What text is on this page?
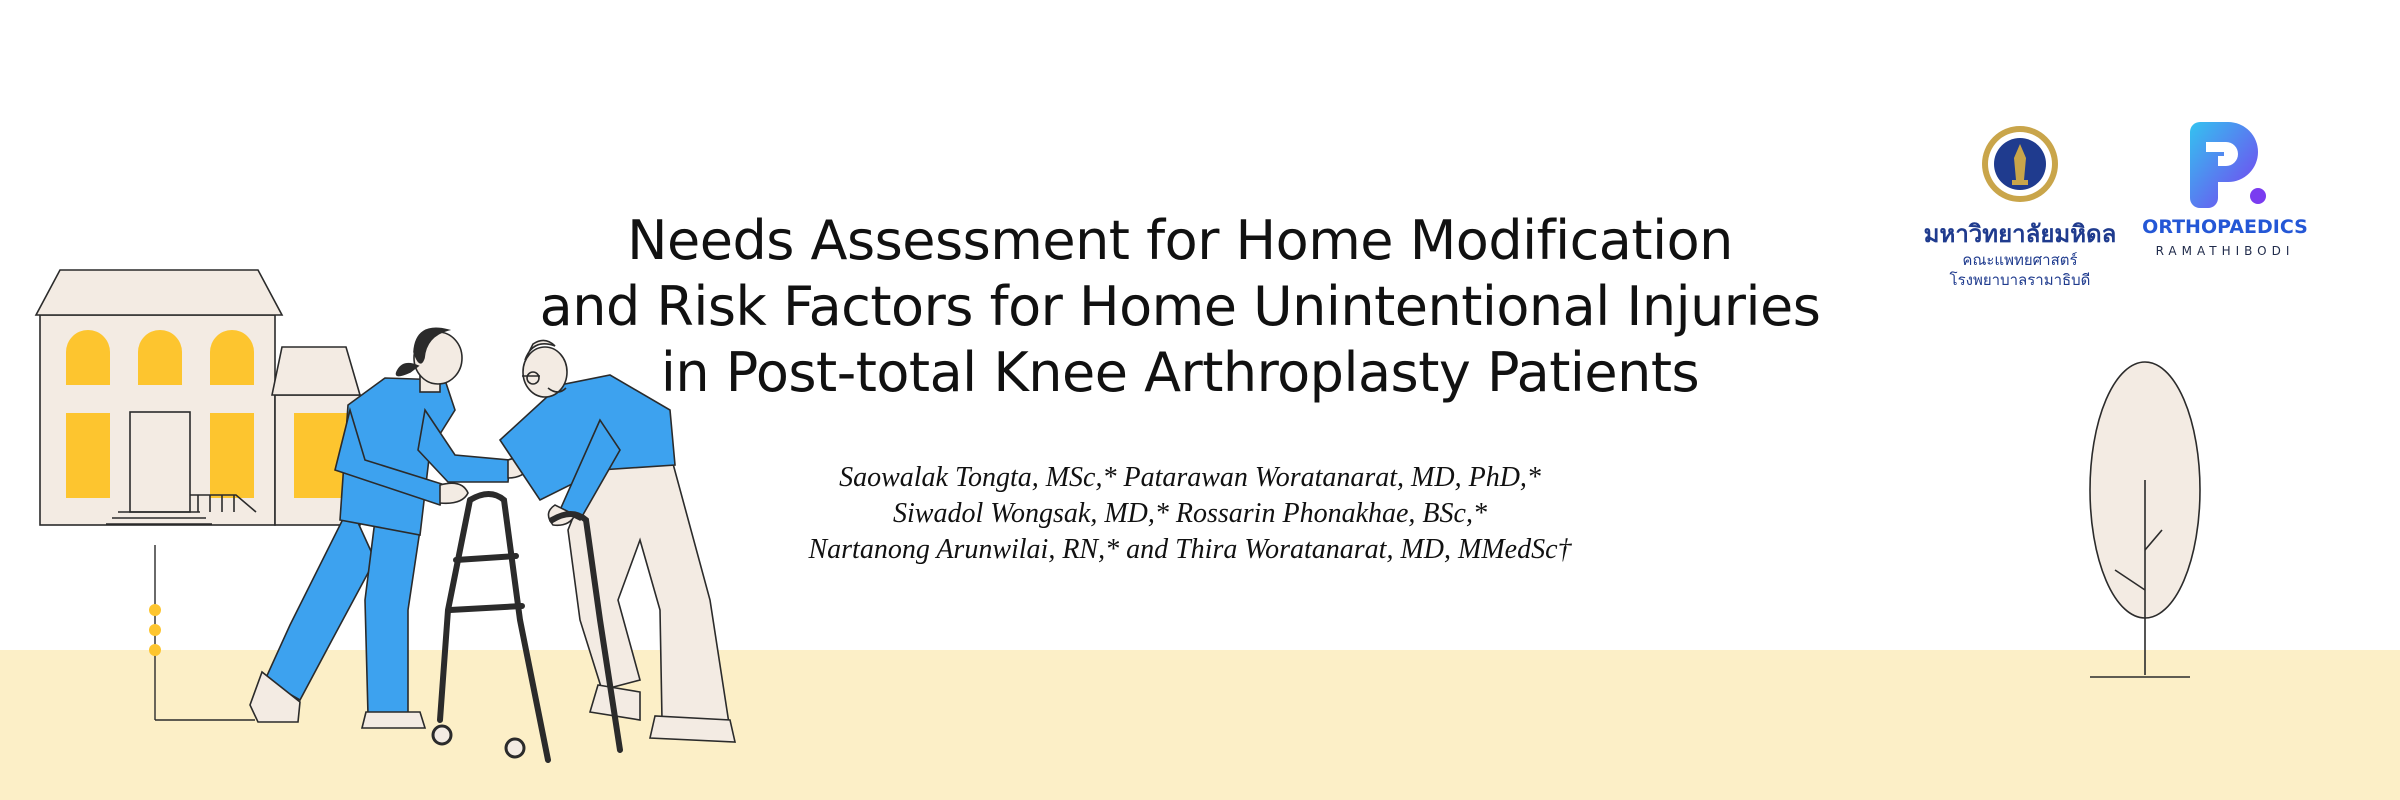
Needs Assessment for Home Modification
and Risk Factors for Home Unintentional Injuries
in Post-total Knee Arthroplasty Patients
Saowalak Tongta, MSc,* Patarawan Woratanarat, MD, PhD,*
Siwadol Wongsak, MD,* Rossarin Phonakhae, BSc,*
Nartanong Arunwilai, RN,* and Thira Woratanarat, MD, MMedSc†
มหาวิทยาลัยมหิดล
คณะแพทยศาสตร์
โรงพยาบาลรามาธิบดี
ORTHOPAEDICS
RAMATHIBODI
